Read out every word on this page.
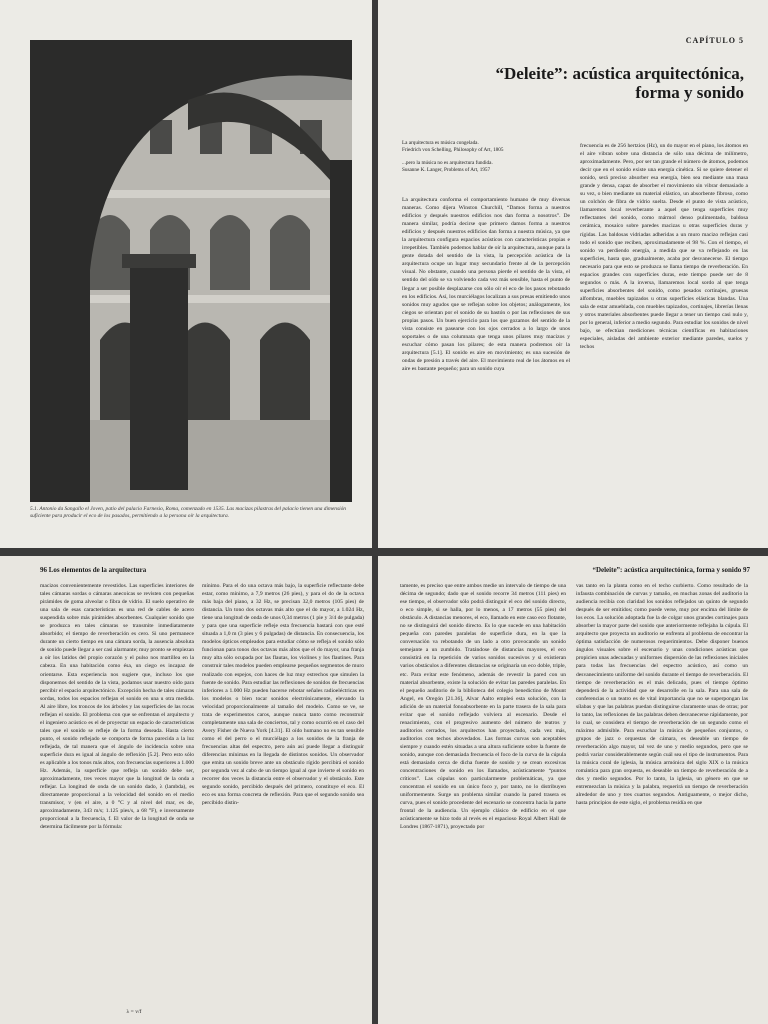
5.1. Antonio da Sangallo el Joven, patio del palacio Farnesio, Roma, comenzado en 1535. Las macizas pilastras del palacio tienen una dimensión suficiente para producir el eco de los pasados, permitiendo a la persona oír la arquitectura.
CAPÍTULO 5
“Deleite”: acústica arquitectónica,
forma y sonido
La arquitectura es música congelada.
Friedrich von Schelling, Philosophy of Art, 1805
...pero la música no es arquitectura fundida.
Susanne K. Langer, Problems of Art, 1957
La arquitectura conforma el comportamiento humano de muy diversas maneras. Como dijera Winston Churchill, “Damos forma a nuestros edificios y después nuestros edificios nos dan forma a nosotros”. De manera similar, podría decirse que primero damos forma a nuestros edificios y después nuestros edificios dan forma a nuestra música, ya que la arquitectura configura espacios acústicos con características propias e irrepetibles. También podemos hablar de oír la arquitectura, aunque para la gente dotada del sentido de la vista, la percepción acústica de la arquitectura ocupe un lugar muy secundario frente al de la percepción visual. No obstante, cuando una persona pierde el sentido de la vista, el sentido del oído se va volviendo cada vez más sensible, hasta el punto de llegar a ser posible desplazarse con sólo oír el eco de los pasos rebotando en los edificios. Así, los murciélagos localizan a sus presas emitiendo unos sonidos muy agudos que se reflejan sobre los objetos; análogamente, los ciegos se orientan por el sonido de su bastón o por las reflexiones de sus propias pasos. Un buen ejercicio para los que gozamos del sentido de la vista consiste en pasearse con los ojos cerrados a lo largo de unos soportales o de una columnata que tenga unos pilares muy macizos y escuchar cómo pasan los pilares; de esta manera podremos oír la arquitectura [5.1]. El sonido es aire en movimiento; es una sucesión de ondas de presión a través del aire. El movimiento real de los átomos en el aire es bastante pequeño; para un sonido cuya
frecuencia es de 256 hertzios (Hz), un do mayor en el piano, los átomos en el aire vibran sobre una distancia de sólo una décima de milímetro, aproximadamente. Pero, por ser tan grande el número de átomos, podemos decir que en el sonido existe una energía cinética. Si se quiere detener el sonido, será preciso absorber esa energía, bien sea mediante una masa grande y densa, capaz de absorber el movimiento sin vibrar demasiado a su vez, o bien mediante un material elástico, un absorbente fibroso, como un colchón de fibra de vidrio suelta. Desde el punto de vista acústico, llamaremos local reverberante a aquel que tenga superficies muy reflectantes del sonido, como mármol denso pulimentado, baldosa cerámica, mosaico sobre paredes macizas u otras superficies duras y rígidas. Las baldosas vidriadas adheridas a un muro macizo reflejan casi todo el sonido que reciben, aproximadamente el 98 %. Con el tiempo, el sonido va perdiendo energía, a medida que se va reflejando en las superficies, hasta que, gradualmente, acaba por desvanecerse. El tiempo necesario para que esto se produzca se llama tiempo de reverberación. En espacios grandes con superficies duras, este tiempo puede ser de 8 segundos o más. A la inversa, llamaremos local sordo al que tenga superficies absorbentes del sonido, como pesados cortinajes, gruesas alfombras, muebles tapizados u otras superficies elásticas blandas. Una sala de estar amueblada, con muebles tapizados, cortinajes, librerías llenas y otros materiales absorbentes puede llegar a tener un tiempo casi nulo y, por lo general, inferior a medio segundo. Para estudiar los sonidos de nivel bajo, se efectúan mediciones técnicas científicas en habitaciones especiales, aisladas del ambiente exterior mediante paredes, suelos y techos
96 Los elementos de la arquitectura
macizos convenientemente revestidos. Las superficies interiores de tales cámaras sordas o cámaras anecoicas se revisten con pequeñas pirámides de goma alveolar o fibra de vidrio. El suelo operativo de una sala de esas características es una red de cables de acero suspendida sobre más pirámides absorbentes. Cualquier sonido que se produzca en tales cámaras se transmite inmediatamente absorbido; el tiempo de reverberación es cero. Si uno permanece durante un cierto tiempo en una cámara sorda, la ausencia absoluta de sonido puede llegar a ser casi alarmante; muy pronto se empiezan a oír los latidos del propio corazón y el pulso nos martillea en la cabeza. En una habitación como ésa, un ciego es incapaz de orientarse. Esta experiencia nos sugiere que, incluso los que disponemos del sentido de la vista, podamos usar nuestro oído para percibir el espacio arquitectónico. Excepción hecha de tales cámaras sordas, todos los espacios reflejan el sonido en una u otra medida. Al aire libre, los troncos de los árboles y las superficies de las rocas reflejan el sonido. El problema con que se enfrentan el arquitecto y el ingeniero acústico es el de proyectar un espacio de características tales que el sonido se refleje de la forma deseada. Hasta cierto punto, el sonido reflejado se comporta de forma parecida a la luz reflejada, de tal manera que el ángulo de incidencia sobre una superficie dura es igual al ángulo de reflexión [5.2]. Pero esto sólo es aplicable a los tonos más altos, con frecuencias superiores a 1.000 Hz. Además, la superficie que refleja un sonido debe ser, aproximadamente, tres veces mayor que la longitud de la onda a reflejar. La longitud de onda de un sonido dado, λ (lambda), es directamente proporcional a la velocidad del sonido en el medio transmisor, v (en el aire, a 0 °C y al nivel del mar, es de, aproximadamente, 343 m/s; 1.125 pies/s, a 68 °F), e inversamente proporcional a la frecuencia, f. El valor de la longitud de onda se determina fácilmente por la fórmula:
λ = v/f
mínimo. Para el do una octava más bajo, la superficie reflectante debe estar, como mínimo, a 7,9 metros (26 pies), y para el do de la octava más baja del piano, a 32 Hz, se precisan 32,0 metros (105 pies) de distancia. Un tono dos octavas más alto que el do mayor, a 1.024 Hz, tiene una longitud de onda de unos 0,34 metros (1 pie y 3/4 de pulgada) y para que una superficie refleje esta frecuencia bastará con que esté situada a 1,0 m (3 pies y 6 pulgadas) de distancia. En consecuencia, los modelos ópticos empleados para estudiar cómo se refleja el sonido sólo funcionan para tonos dos octavas más altos que el do mayor, una franja muy alta sólo ocupada por las flautas, los violines y los flautines. Para construir tales modelos pueden emplearse pequeños segmentos de muro realizado con espejos, con haces de luz muy estrechos que simulen la fuente de sonido. Para estudiar las reflexiones de sonidos de frecuencias inferiores a 1.000 Hz pueden hacerse rebotar señales radioeléctricas en los modelos o bien tocar sonidos electrónicamente, elevando la velocidad proporcionalmente al tamaño del modelo. Como se ve, se trata de experimentos caros, aunque nunca tanto como reconstruir completamente una sala de conciertos, tal y como ocurrió en el caso del Avery Fisher de Nueva York [4.31]. El oído humano no es tan sensible como el del perro o el murciélago a los sonidos de la franja de frecuencias altas del espectro, pero aún así puede llegar a distinguir diferencias mínimas en la llegada de distintos sonidos. Un observador que emita un sonido breve ante un obstáculo rígido percibirá el sonido por segunda vez al cabo de un tiempo igual al que invierte el sonido en recorrer dos veces la distancia entre el observador y el obstáculo. Este segundo sonido, percibido después del primero, constituye el eco. El eco es una forma concreta de reflexión. Para que el segundo sonido sea percibido distin-
“Deleite”: acústica arquitectónica, forma y sonido 97
tamente, es preciso que entre ambos medie un intervalo de tiempo de una décima de segundo; dado que el sonido recorre 34 metros (111 pies) en ese tiempo, el observador sólo podrá distinguir el eco del sonido directo, o eco simple, si se halla, por lo menos, a 17 metros (55 pies) del obstáculo. A distancias menores, el eco, llamado en este caso eco flotante, no se distinguirá del sonido directo. Es lo que sucede en una habitación pequeña con paredes paralelas de superficie dura, en la que la conversación va rebotando de un lado a otro provocando un sonido semejante a un zumbido. Tratándose de distancias mayores, el eco consistirá en la repetición de varios sonidos sucesivos y si existieran varios obstáculos a diferentes distancias se originaría un eco doble, triple, etc. Para evitar este fenómeno, además de revestir la pared con un material absorbente, existe la solución de evitar las paredes paralelas. En el pequeño auditorio de la biblioteca del colegio benedictino de Mount Angel, en Oregón [21.36], Alvar Aalto empleó esta solución, con la adición de un material fonoabsorbente en la parte trasera de la sala para evitar que el sonido reflejado volviera al escenario. Desde el renacimiento, con el progresivo aumento del número de teatros y auditorios cerrados, los arquitectos han proyectado, cada vez más, auditorios con techos abovedados. Las formas curvas son aceptables siempre y cuando estén situadas a una altura suficiente sobre la fuente de sonido, aunque con demasiada frecuencia el foco de la curva de la cúpula está demasiado cerca de dicha fuente de sonido y se crean excesivas concentraciones de sonido en los llamados, acústicamente “puntos críticos”. Las cúpulas son particularmente problemáticas, ya que concentran el sonido en un único foco y, por tanto, no lo distribuyen uniformemente. Surge un problema similar cuando la pared trasera es curva, pues el sonido procedente del escenario se concentra hacia la parte frontal de la audiencia. Un ejemplo clásico de edificio en el que acústicamente se hizo todo al revés es el espacioso Royal Albert Hall de Londres (1867-1871), proyectado por
vas tanto en la planta como en el techo curbierto. Como resultado de la infausta combinación de curvas y tamaño, en muchas zonas del auditorio la audiencia recibía con claridad los sonidos reflejados un quinto de segundo después de ser emitidos; como puede verse, muy por encima del límite de los ecos. La solución adoptada fue la de colgar unos grandes cortinajes para absorber la mayor parte del sonido que anteriormente reflejaba la cúpula. El arquitecto que proyecta un auditorio se enfrenta al problema de encontrar la óptima satisfacción de numerosos requerimientos. Debe disponer buenos ángulos visuales sobre el escenario y unas condiciones acústicas que propicien unas adecuadas y uniformes dispersión de las reflexiones iniciales para todas las frecuencias del espectro acústico, así como un desvanecimiento uniforme del sonido durante el tiempo de reverberación. El tiempo de reverberación es el más delicado, pues el tiempo óptimo dependerá de la actividad que se desarrolle en la sala. Para una sala de conferencias o un teatro es de vital importancia que no se superpongan las sílabas y que las palabras puedan distinguirse claramente unas de otras; por lo tanto, las reflexiones de las palabras deben desvanecerse rápidamente, por lo cual, se considera el tiempo de reverberación de un segundo como el máximo admisible. Para escuchar la música de pequeños conjuntos, o grupos de jazz o orquestas de cámara, es deseable un tiempo de reverberación algo mayor, tal vez de uno y medio segundos, pero que se podrá variar considerablemente según cuál sea el tipo de instrumentos. Para la música coral de iglesia, la música armónica del siglo XIX o la música romántica para gran orquesta, es deseable un tiempo de reverberación de a dos y medio segundos. Por lo tanto, la iglesia, un género en que se entremezclan la música y la palabra, requerirá un tiempo de reverberación alrededor de uno y tres cuartos segundos. Antiguamente, o mejor dicho, hasta principios de este siglo, el problema residía en que
